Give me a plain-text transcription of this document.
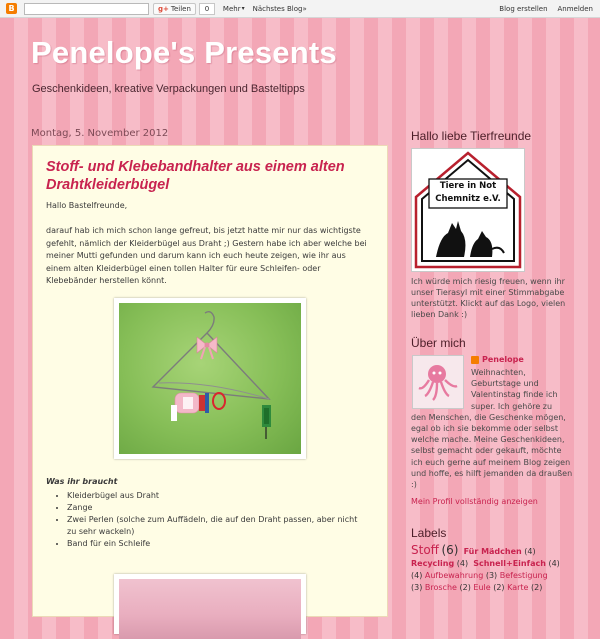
B	g+ Teilen	0	Mehr ▾ Nächstes Blog»	Blog erstellen Anmelden
Penelope's Presents
Geschenkideen, kreative Verpackungen und Basteltipps
Montag, 5. November 2012
Stoff- und Klebebandhalter aus einem alten Drahtkleiderbügel
Hallo Bastelfreunde,
darauf hab ich mich schon lange gefreut, bis jetzt hatte mir nur das wichtigste gefehlt, nämlich der Kleiderbügel aus Draht ;) Gestern habe ich aber welche bei meiner Mutti gefunden und darum kann ich euch heute zeigen, wie ihr aus einem alten Kleiderbügel einen tollen Halter für eure Schleifen- oder Klebebänder herstellen könnt.
Was ihr braucht
• Kleiderbügel aus Draht
• Zange
• Zwei Perlen (solche zum Auffädeln, die auf den Draht passen, aber nicht zu sehr wackeln)
• Band für ein Schleife
Hallo liebe Tierfreunde
Tiere in Not Chemnitz e.V.
Ich würde mich riesig freuen, wenn ihr unser Tierasyl mit einer Stimmabgabe unterstützt. Klickt auf das Logo, vielen lieben Dank :)
Über mich
Penelope
Weihnachten, Geburtstage und Valentinstag finde ich super. Ich gehöre zu
den Menschen, die Geschenke mögen, egal ob ich sie bekomme oder selbst welche mache. Meine Geschenkideen, selbst gemacht oder gekauft, möchte ich euch gerne auf meinem Blog zeigen und hoffe, es hilft jemanden da draußen :)
Mein Profil vollständig anzeigen
Labels
Stoff (6) Für Mädchen (4)
Recycling (4) Schnell+Einfach (4)
(4) Aufbewahrung (3) Befestigung
(3) Brosche (2) Eule (2) Karte (2)
